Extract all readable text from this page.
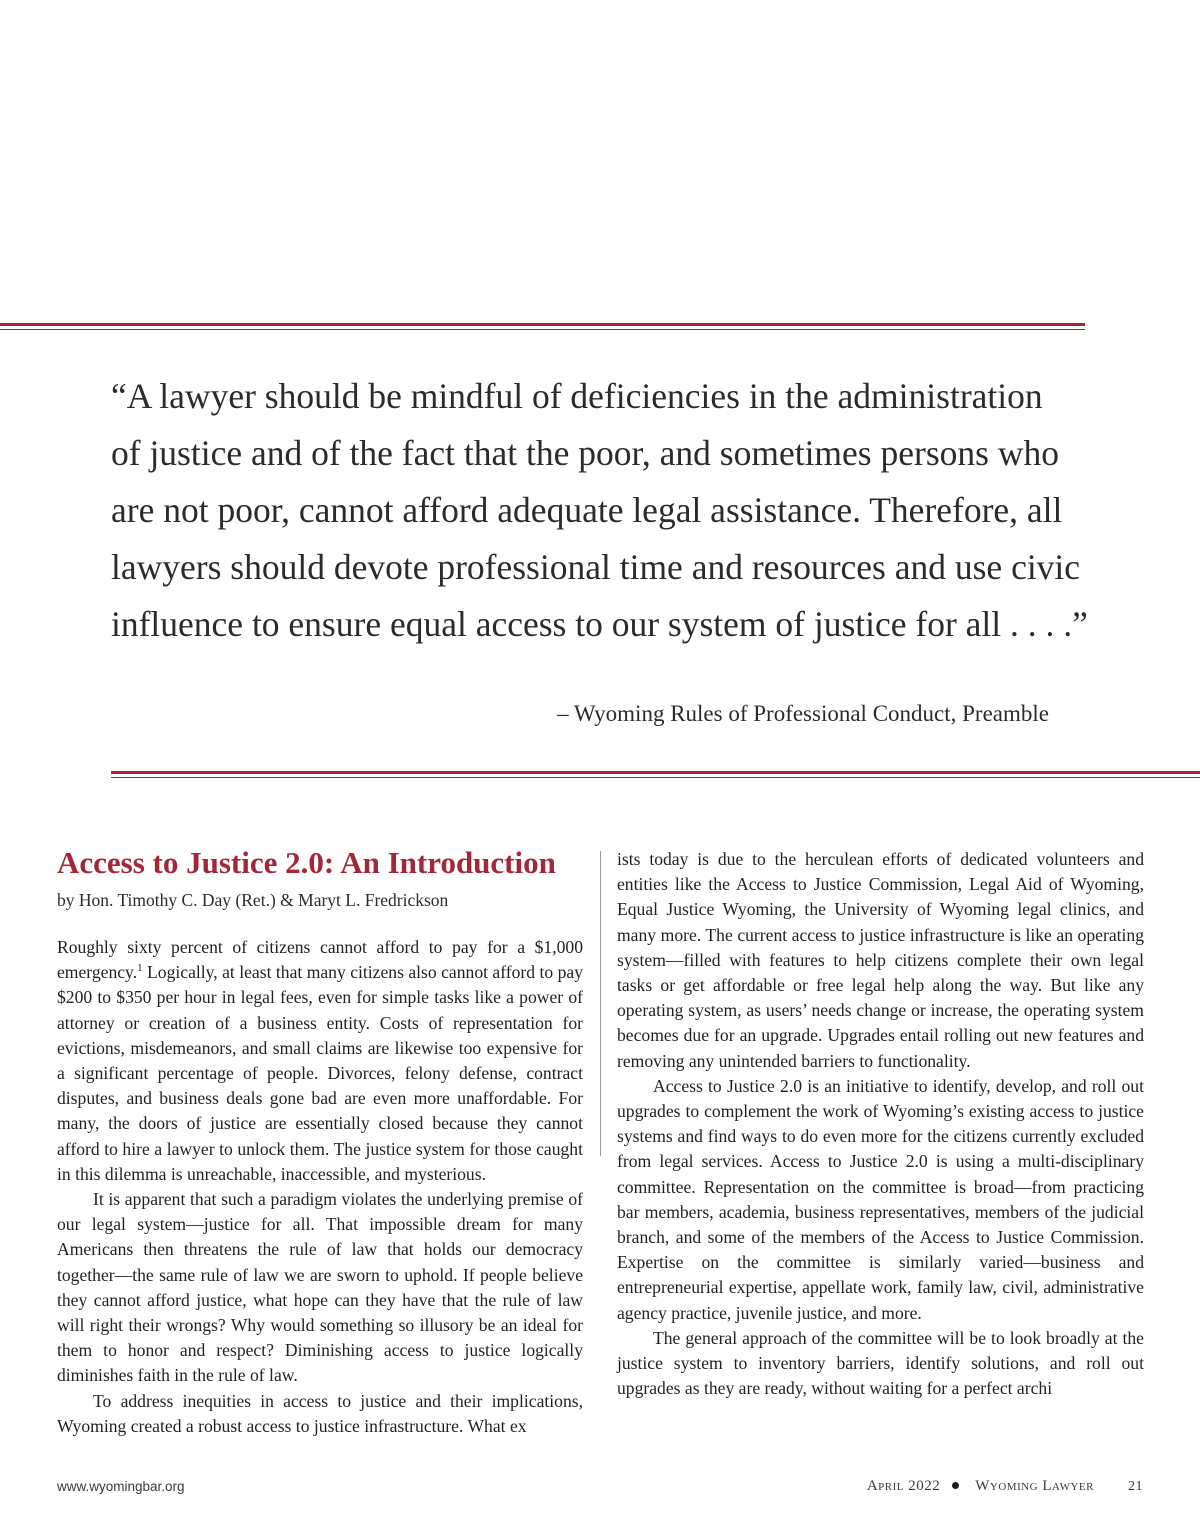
“A lawyer should be mindful of deficiencies in the administration
of justice and of the fact that the poor, and sometimes persons who
are not poor, cannot afford adequate legal assistance. Therefore, all
lawyers should devote professional time and resources and use civic
influence to ensure equal access to our system of justice for all . . . .”
– Wyoming Rules of Professional Conduct, Preamble
Access to Justice 2.0: An Introduction
by Hon. Timothy C. Day (Ret.) & Maryt L. Fredrickson

Roughly sixty percent of citizens cannot afford to pay for a $1,000 emergency.$^1$ Logically, at least that many citizens also cannot afford to pay $200 to $350 per hour in legal fees, even for simple tasks like a power of attorney or creation of a business entity. Costs of representation for evictions, misdemeanors, and small claims are likewise too expensive for a significant percentage of people. Divorces, felony defense, contract disputes, and business deals gone bad are even more unaffordable. For many, the doors of justice are essentially closed because they cannot afford to hire a lawyer to unlock them. The justice system for those caught in this dilemma is unreachable, inaccessible, and mysterious.

It is apparent that such a paradigm violates the underlying premise of our legal system—justice for all. That impossible dream for many Americans then threatens the rule of law that holds our democracy together—the same rule of law we are sworn to uphold. If people believe they cannot afford justice, what hope can they have that the rule of law will right their wrongs? Why would something so illusory be an ideal for them to honor and respect? Diminishing access to justice logically diminishes faith in the rule of law.

To address inequities in access to justice and their implications, Wyoming created a robust access to justice infrastructure. What ex

ists today is due to the herculean efforts of dedicated volunteers and entities like the Access to Justice Commission, Legal Aid of Wyoming, Equal Justice Wyoming, the University of Wyoming legal clinics, and many more. The current access to justice infrastructure is like an operating system—filled with features to help citizens complete their own legal tasks or get affordable or free legal help along the way. But like any operating system, as users’ needs change or increase, the operating system becomes due for an upgrade. Upgrades entail rolling out new features and removing any unintended barriers to functionality.

Access to Justice 2.0 is an initiative to identify, develop, and roll out upgrades to complement the work of Wyoming’s existing access to justice systems and find ways to do even more for the citizens currently excluded from legal services. Access to Justice 2.0 is using a multi-disciplinary committee. Representation on the committee is broad—from practicing bar members, academia, business representatives, members of the judicial branch, and some of the members of the Access to Justice Commission. Expertise on the committee is similarly varied—business and entrepreneurial expertise, appellate work, family law, civil, administrative agency practice, juvenile justice, and more.

The general approach of the committee will be to look broadly at the justice system to inventory barriers, identify solutions, and roll out upgrades as they are ready, without waiting for a perfect archi

www.wyomingbar.org	April 2022 Wyoming Lawyer 21
